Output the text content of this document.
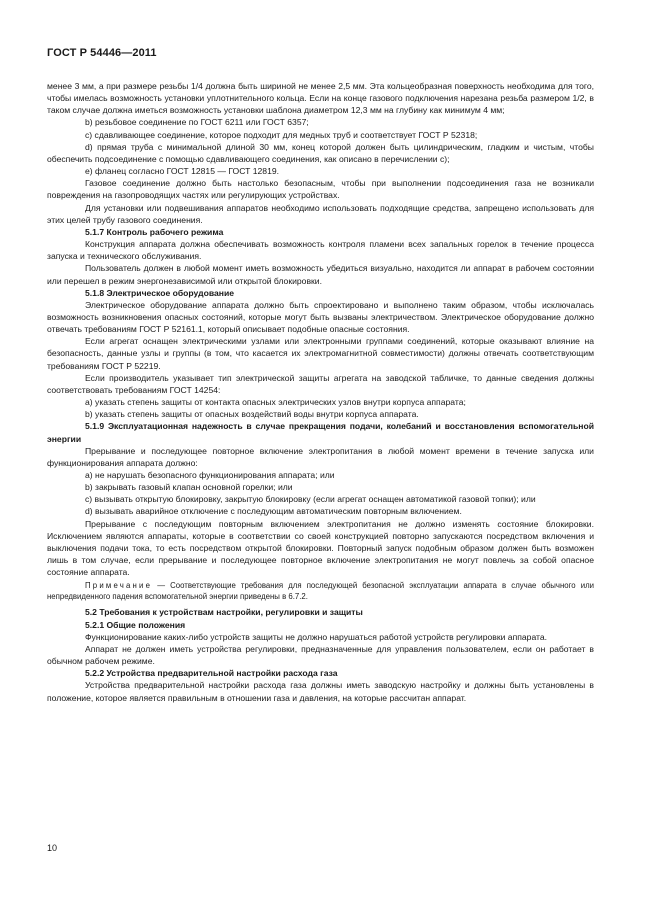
ГОСТ Р 54446—2011

менее 3 мм, а при размере резьбы 1/4 должна быть шириной не менее 2,5 мм. Эта кольцеобразная поверхность необходима для того, чтобы имелась возможность установки уплотнительного кольца. Если на конце газового подключения нарезана резьба размером 1/2, в таком случае должна иметься возможность установки шаблона диаметром 12,3 мм на глубину как минимум 4 мм;

b) резьбовое соединение по ГОСТ 6211 или ГОСТ 6357;

c) сдавливающее соединение, которое подходит для медных труб и соответствует ГОСТ Р 52318;

d) прямая труба с минимальной длиной 30 мм, конец которой должен быть цилиндрическим, гладким и чистым, чтобы обеспечить подсоединение с помощью сдавливающего соединения, как описано в перечислении c);

e) фланец согласно ГОСТ 12815 — ГОСТ 12819.

Газовое соединение должно быть настолько безопасным, чтобы при выполнении подсоединения газа не возникали повреждения на газопроводящих частях или регулирующих устройствах.

Для установки или подвешивания аппаратов необходимо использовать подходящие средства, запрещено использовать для этих целей трубу газового соединения.

5.1.7 Контроль рабочего режима

Конструкция аппарата должна обеспечивать возможность контроля пламени всех запальных горелок в течение процесса запуска и технического обслуживания.

Пользователь должен в любой момент иметь возможность убедиться визуально, находится ли аппарат в рабочем состоянии или перешел в режим энергонезависимой или открытой блокировки.

5.1.8 Электрическое оборудование

Электрическое оборудование аппарата должно быть спроектировано и выполнено таким образом, чтобы исключалась возможность возникновения опасных состояний, которые могут быть вызваны электричеством. Электрическое оборудование должно отвечать требованиям ГОСТ Р 52161.1, который описывает подобные опасные состояния.

Если агрегат оснащен электрическими узлами или электронными группами соединений, которые оказывают влияние на безопасность, данные узлы и группы (в том, что касается их электромагнитной совместимости) должны отвечать соответствующим требованиям ГОСТ Р 52219.

Если производитель указывает тип электрической защиты агрегата на заводской табличке, то данные сведения должны соответствовать требованиям ГОСТ 14254:

a) указать степень защиты от контакта опасных электрических узлов внутри корпуса аппарата;

b) указать степень защиты от опасных воздействий воды внутри корпуса аппарата.

5.1.9 Эксплуатационная надежность в случае прекращения подачи, колебаний и восстановления вспомогательной энергии

Прерывание и последующее повторное включение электропитания в любой момент времени в течение запуска или функционирования аппарата должно:

a) не нарушать безопасного функционирования аппарата; или

b) закрывать газовый клапан основной горелки; или

c) вызывать открытую блокировку, закрытую блокировку (если агрегат оснащен автоматикой газовой топки); или

d) вызывать аварийное отключение с последующим автоматическим повторным включением.

Прерывание с последующим повторным включением электропитания не должно изменять состояние блокировки. Исключением являются аппараты, которые в соответствии со своей конструкцией повторно запускаются посредством включения и выключения подачи тока, то есть посредством открытой блокировки. Повторный запуск подобным образом должен быть возможен лишь в том случае, если прерывание и последующее повторное включение электропитания не могут повлечь за собой опасное состояние аппарата.

Примечание — Соответствующие требования для последующей безопасной эксплуатации аппарата в случае обычного или непредвиденного падения вспомогательной энергии приведены в 6.7.2.

5.2 Требования к устройствам настройки, регулировки и защиты

5.2.1 Общие положения

Функционирование каких-либо устройств защиты не должно нарушаться работой устройств регулировки аппарата.

Аппарат не должен иметь устройства регулировки, предназначенные для управления пользователем, если он работает в обычном рабочем режиме.

5.2.2 Устройства предварительной настройки расхода газа

Устройства предварительной настройки расхода газа должны иметь заводскую настройку и должны быть установлены в положение, которое является правильным в отношении газа и давления, на которые рассчитан аппарат.

10
